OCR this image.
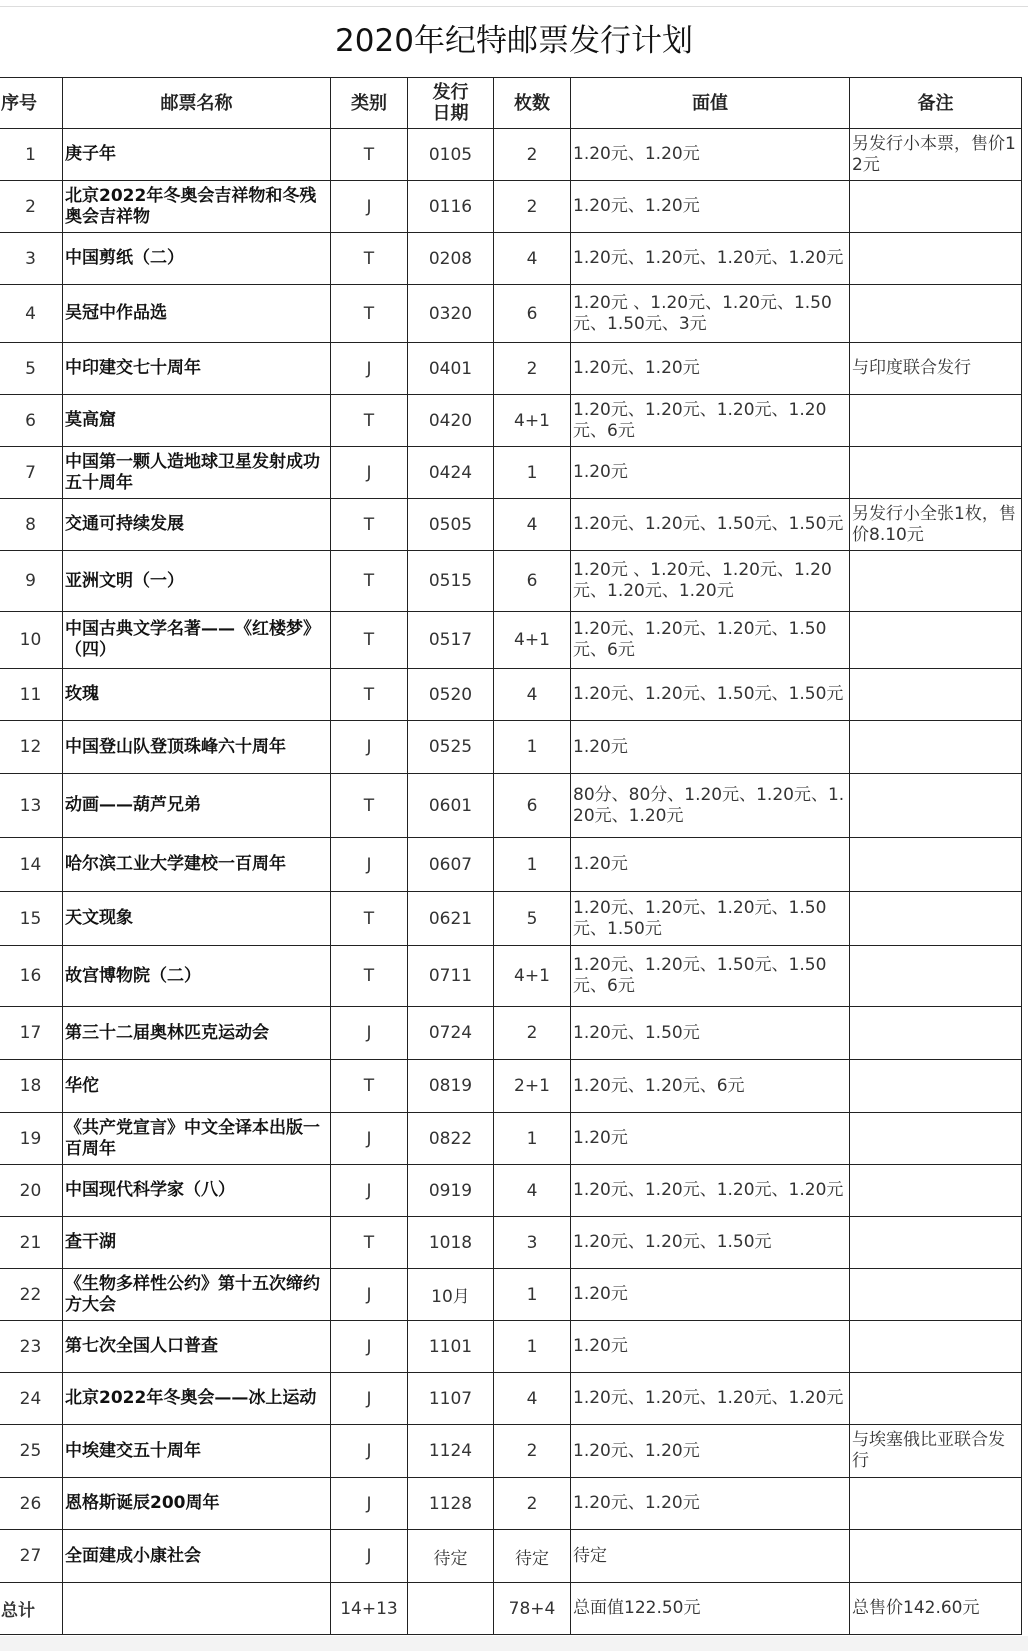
2020年纪特邮票发行计划
序号	邮票名称	类别	发行日期	枚数	面值	备注
1	庚子年	T	0105	2	1.20元、1.20元	另发行小本票，售价12元
2	北京2022年冬奥会吉祥物和冬残奥会吉祥物	J	0116	2	1.20元、1.20元	
3	中国剪纸（二）	T	0208	4	1.20元、1.20元、1.20元、1.20元	
4	吴冠中作品选	T	0320	6	1.20元 、1.20元、1.20元、1.50元、1.50元、3元	
5	中印建交七十周年	J	0401	2	1.20元、1.20元	与印度联合发行
6	莫高窟	T	0420	4+1	1.20元、1.20元、1.20元、1.20元、6元	
7	中国第一颗人造地球卫星发射成功五十周年	J	0424	1	1.20元	
8	交通可持续发展	T	0505	4	1.20元、1.20元、1.50元、1.50元	另发行小全张1枚，售价8.10元
9	亚洲文明（一）	T	0515	6	1.20元 、1.20元、1.20元、1.20元、1.20元、1.20元	
10	中国古典文学名著——《红楼梦》（四）	T	0517	4+1	1.20元、1.20元、1.20元、1.50元、6元	
11	玫瑰	T	0520	4	1.20元、1.20元、1.50元、1.50元	
12	中国登山队登顶珠峰六十周年	J	0525	1	1.20元	
13	动画——葫芦兄弟	T	0601	6	80分、80分、1.20元、1.20元、1.20元、1.20元	
14	哈尔滨工业大学建校一百周年	J	0607	1	1.20元	
15	天文现象	T	0621	5	1.20元、1.20元、1.20元、1.50元、1.50元	
16	故宫博物院（二）	T	0711	4+1	1.20元、1.20元、1.50元、1.50元、6元	
17	第三十二届奥林匹克运动会	J	0724	2	1.20元、1.50元	
18	华佗	T	0819	2+1	1.20元、1.20元、6元	
19	《共产党宣言》中文全译本出版一百周年	J	0822	1	1.20元	
20	中国现代科学家（八）	J	0919	4	1.20元、1.20元、1.20元、1.20元	
21	查干湖	T	1018	3	1.20元、1.20元、1.50元	
22	《生物多样性公约》第十五次缔约方大会	J	10月	1	1.20元	
23	第七次全国人口普查	J	1101	1	1.20元	
24	北京2022年冬奥会——冰上运动	J	1107	4	1.20元、1.20元、1.20元、1.20元	
25	中埃建交五十周年	J	1124	2	1.20元、1.20元	与埃塞俄比亚联合发行
26	恩格斯诞辰200周年	J	1128	2	1.20元、1.20元	
27	全面建成小康社会	J	待定	待定	待定	
总计		14+13		78+4	总面值122.50元	总售价142.60元
